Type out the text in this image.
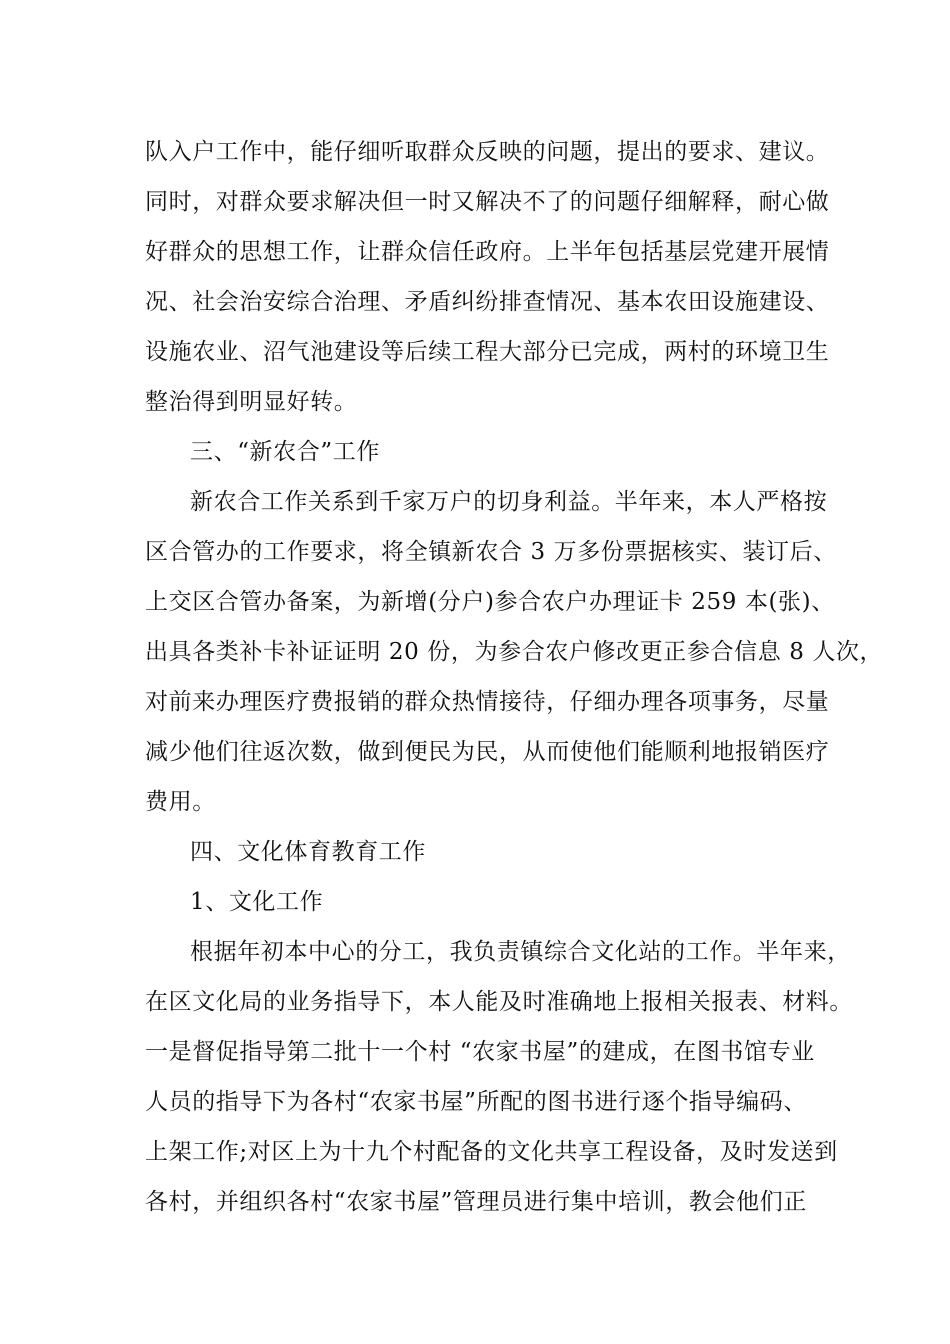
队入户工作中，能仔细听取群众反映的问题，提出的要求、建议。

同时，对群众要求解决但一时又解决不了的问题仔细解释，耐心做

好群众的思想工作，让群众信任政府。上半年包括基层党建开展情

况、社会治安综合治理、矛盾纠纷排查情况、基本农田设施建设、

设施农业、沼气池建设等后续工程大部分已完成，两村的环境卫生

整治得到明显好转。

三、“新农合”工作

新农合工作关系到千家万户的切身利益。半年来，本人严格按

区合管办的工作要求，将全镇新农合 3 万多份票据核实、装订后、

上交区合管办备案，为新增(分户)参合农户办理证卡 259 本(张)、

出具各类补卡补证证明 20 份，为参合农户修改更正参合信息 8 人次，

对前来办理医疗费报销的群众热情接待，仔细办理各项事务，尽量

减少他们往返次数，做到便民为民，从而使他们能顺利地报销医疗

费用。

四、文化体育教育工作

1、文化工作

根据年初本中心的分工，我负责镇综合文化站的工作。半年来，

在区文化局的业务指导下，本人能及时准确地上报相关报表、材料。

一是督促指导第二批十一个村 “农家书屋”的建成，在图书馆专业

人员的指导下为各村“农家书屋”所配的图书进行逐个指导编码、

上架工作;对区上为十九个村配备的文化共享工程设备，及时发送到

各村，并组织各村“农家书屋”管理员进行集中培训，教会他们正
